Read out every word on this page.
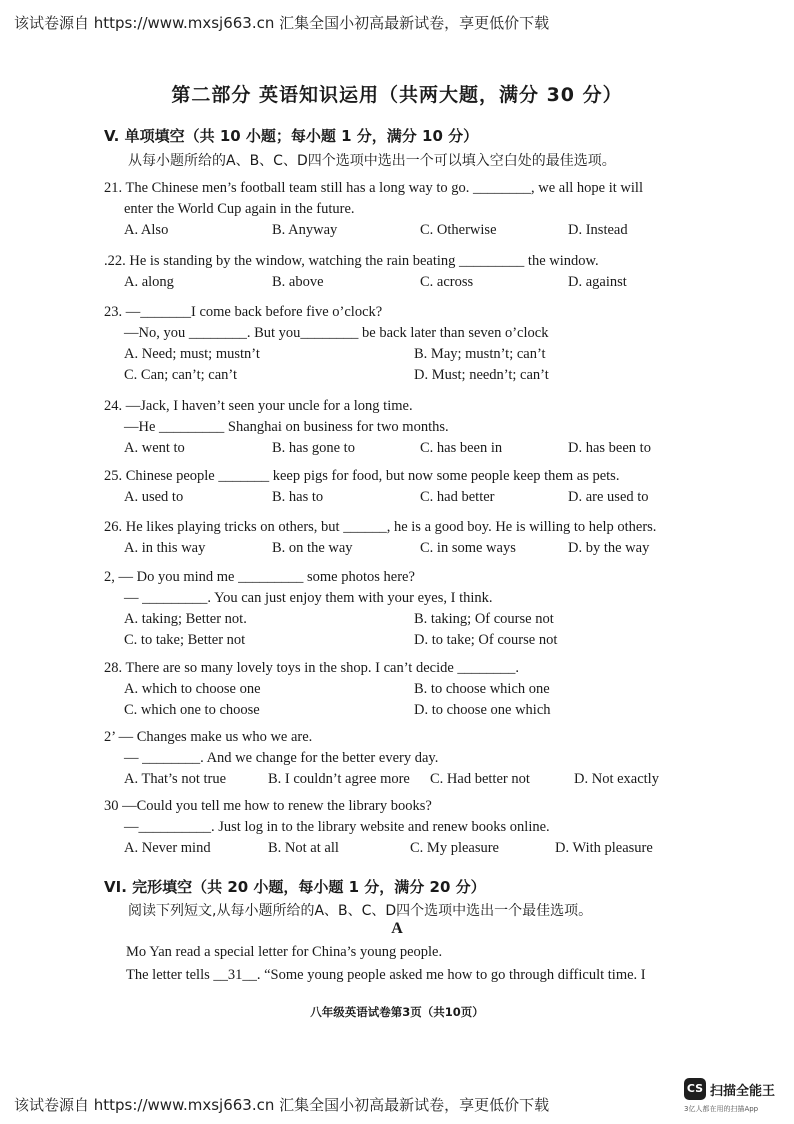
该试卷源自 https://www.mxsj663.cn 汇集全国小初高最新试卷，享更低价下载
第二部分 英语知识运用（共两大题，满分 30 分）
V. 单项填空（共 10 小题；每小题 1 分，满分 10 分）
从每小题所给的A、B、C、D四个选项中选出一个可以填入空白处的最佳选项。
21. The Chinese men’s football team still has a long way to go. ________, we all hope it will
enter the World Cup again in the future.
A. Also	B. Anyway	C. Otherwise	D. Instead
.22. He is standing by the window, watching the rain beating _________ the window.
A. along	B. above	C. across	D. against
23. —_______I come back before five o’clock?
—No, you ________. But you________ be back later than seven o’clock
A. Need; must; mustn’t	B. May; mustn’t; can’t
C. Can; can’t; can’t	D. Must; needn’t; can’t
24. —Jack, I haven’t seen your uncle for a long time.
—He _________ Shanghai on business for two months.
A. went to	B. has gone to	C. has been in	D. has been to
25. Chinese people _______ keep pigs for food, but now some people keep them as pets.
A. used to	B. has to	C. had better	D. are used to
26. He likes playing tricks on others, but ______, he is a good boy. He is willing to help others.
A. in this way	B. on the way	C. in some ways	D. by the way
2, — Do you mind me _________ some photos here?
— _________. You can just enjoy them with your eyes, I think.
A. taking; Better not.	B. taking; Of course not
C. to take; Better not	D. to take; Of course not
28. There are so many lovely toys in the shop. I can’t decide ________.
A. which to choose one	B. to choose which one
C. which one to choose	D. to choose one which
2’ — Changes make us who we are.
— ________. And we change for the better every day.
A. That’s not true	B. I couldn’t agree more	C. Had better not	D. Not exactly
30 —Could you tell me how to renew the library books?
—__________. Just log in to the library website and renew books online.
A. Never mind	B. Not at all	C. My pleasure	D. With pleasure
VI. 完形填空（共 20 小题，每小题 1 分，满分 20 分）
阅读下列短文,从每小题所给的A、B、C、D四个选项中选出一个最佳选项。
A
Mo Yan read a special letter for China’s young people.
The letter tells __31__. “Some young people asked me how to go through difficult time. I
八年级英语试卷第3页（共10页）
该试卷源自 https://www.mxsj663.cn 汇集全国小初高最新试卷，享更低价下载
CS 扫描全能王
3亿人都在用的扫描App
